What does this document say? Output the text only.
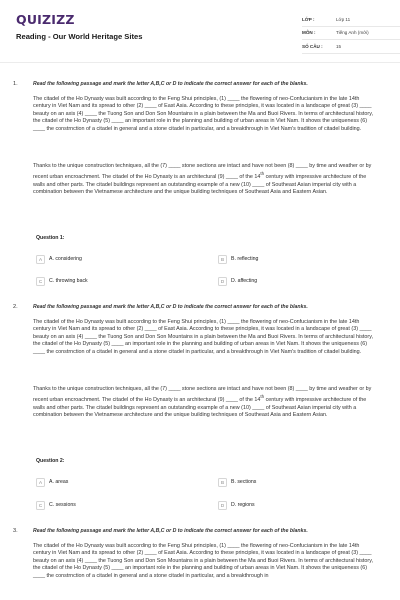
QUIZIZZ
Reading - Our World Heritage Sites
LỚP :	Lớp 11
MÔN :	Tiếng Anh (mới)
SỐ CÂU :	15
1.	Read the following passage and mark the letter A,B,C or D to indicate the correct answer for each of the blanks.
The citadel of the Ho Dynasty was built according to the Feng Shui principles, (1) ____ the flowering of neo-Confucianism in the late 14th century in Viet Nam and its spread to other (2) ____ of East Asia. According to these principles, it was located in a landscape of great (3) ____ beauty on an axis (4) ____ the Tuong Son and Don Son Mountains in a plain between the Ma and Buoi Rivers. In terms of architectural history, the citadel of the Ho Dynasty (5) ____ an important role in the planning and building of urban areas in Viet Nam. It shows the uniqueness (6) ____ the constrnction of a citadel in general and a stone citadel in particular, and a breakthrough in Viet Nam's tradition of citadel building.
Thanks to the unique construction techniques, all the (7) ____ stone sections are intact and have not been (8) ____ by time and weather or by recent urban encroachment. The citadel of the Ho Dynasty is an architectural (9) ____ of the 14th century with impressive architecture of the walls and other parts. The citadel buildings represent an outstanding example of a new (10) ____ of Southeast Asian imperial city with a combination between the Vietnamese architecture and the unique building techniques of Southeast Asia and Eastern Asian.
Question 1:
A	A. considering	B	B. reflecting
C	C. throwing back	D	D. affecting
2.	Read the following passage and mark the letter A,B,C or D to indicate the correct answer for each of the blanks.
The citadel of the Ho Dynasty was built according to the Feng Shui principles, (1) ____ the flowering of neo-Confucianism in the late 14th century in Viet Nam and its spread to other (2) ____ of East Asia. According to these principles, it was located in a landscape of great (3) ____ beauty on an axis (4) ____ the Tuong Son and Don Son Mountains in a plain between the Ma and Buoi Rivers. In terms of architectural history, the citadel of the Ho Dynasty (5) ____ an important role in the planning and building of urban areas in Viet Nam. It shows the uniqueness (6) ____ the constrnction of a citadel in general and a stone citadel in particular, and a breakthrough in Viet Nam's tradition of citadel building.
Thanks to the unique construction techniques, all the (7) ____ stone sections are intact and have not been (8) ____ by time and weather or by recent urban encroachment. The citadel of the Ho Dynasty is an architectural (9) ____ of the 14th century with impressive architecture of the walls and other parts. The citadel buildings represent an outstanding example of a new (10) ____ of Southeast Asian imperial city with a combination between the Vietnamese architecture and the unique building techniques of Southeast Asia and Eastern Asian.
Question 2:
A	A. areas	B	B. sections
C	C. sessions	D	D. regions
3.	Read the following passage and mark the letter A,B,C or D to indicate the correct answer for each of the blanks.
The citadel of the Ho Dynasty was built according to the Feng Shui principles, (1) ____ the flowering of neo-Confucianism in the late 14th century in Viet Nam and its spread to other (2) ____ of East Asia. According to these principles, it was located in a landscape of great (3) ____ beauty on an axis (4) ____ the Tuong Son and Don Son Mountains in a plain between the Ma and Buoi Rivers. In terms of architectural history, the citadel of the Ho Dynasty (5) ____ an important role in the planning and building of urban areas in Viet Nam. It shows the uniqueness (6) ____ the constrnction of a citadel in general and a stone citadel in particular, and a breakthrough in
